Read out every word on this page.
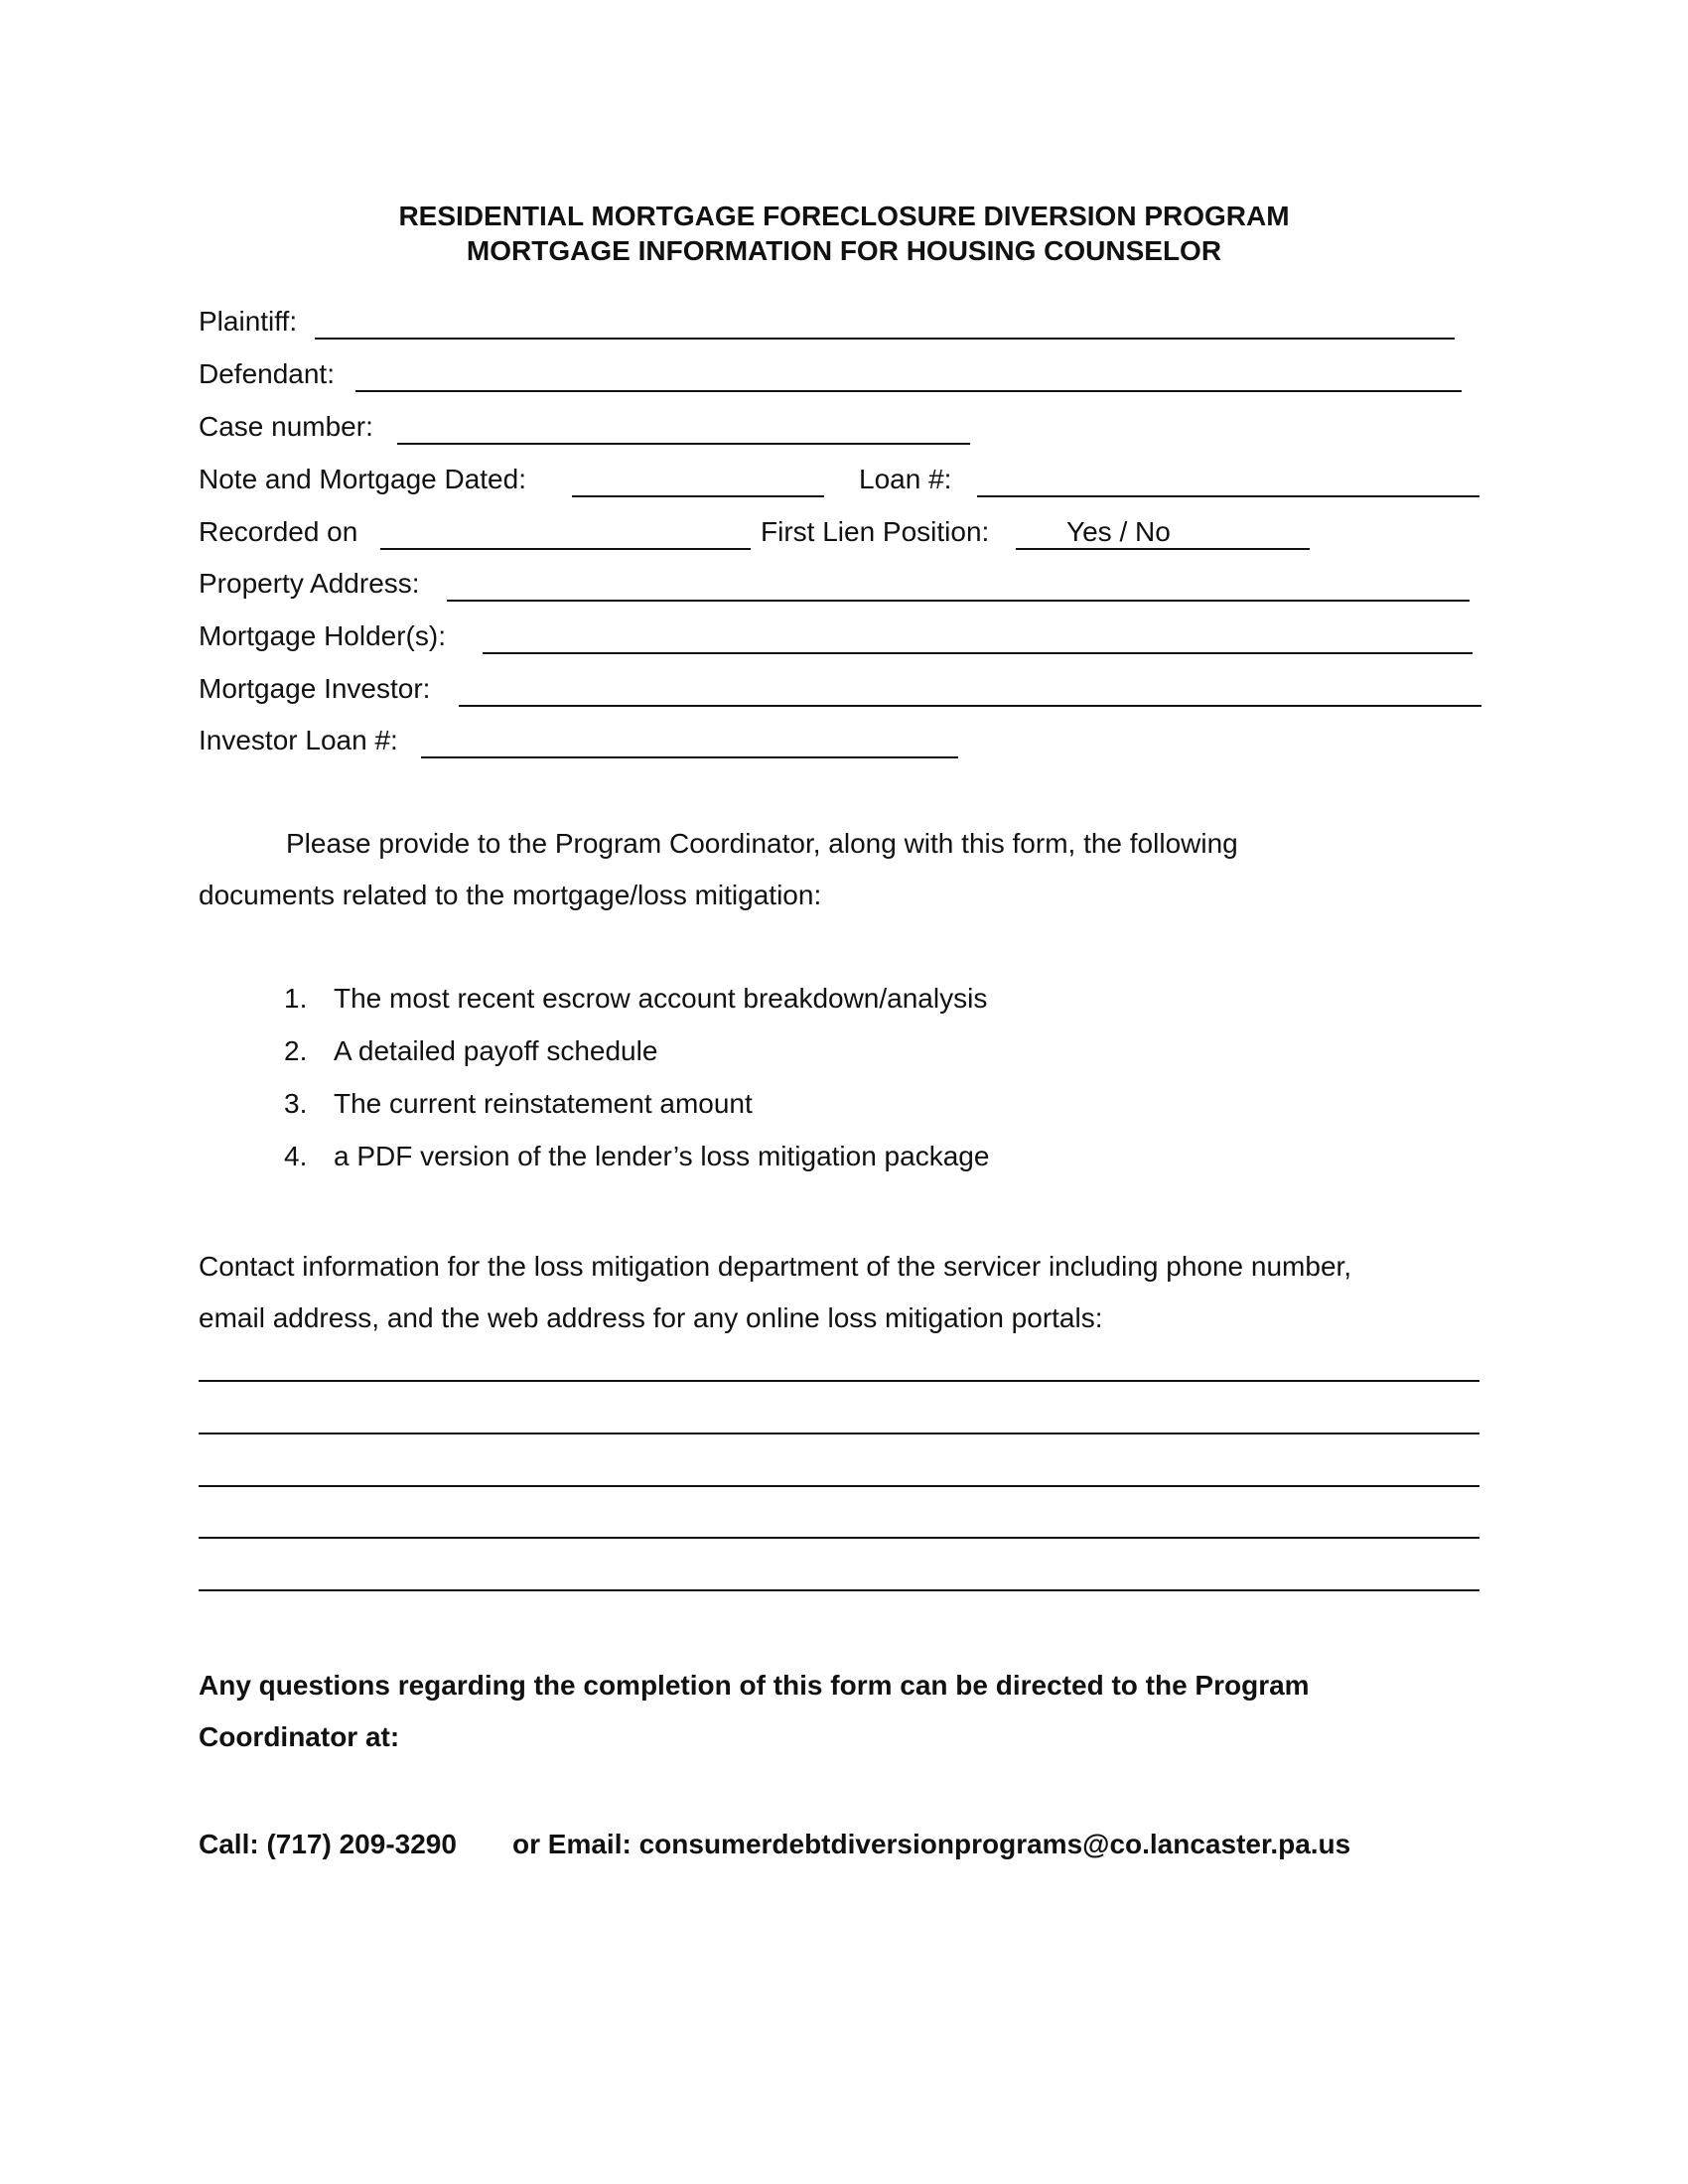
RESIDENTIAL MORTGAGE FORECLOSURE DIVERSION PROGRAM
MORTGAGE INFORMATION FOR HOUSING COUNSELOR
Plaintiff:
Defendant:
Case number:
Note and Mortgage Dated:	Loan #:
Recorded on	First Lien Position:	Yes / No
Property Address:
Mortgage Holder(s):
Mortgage Investor:
Investor Loan #:
Please provide to the Program Coordinator, along with this form, the following
documents related to the mortgage/loss mitigation:
1. The most recent escrow account breakdown/analysis
2. A detailed payoff schedule
3. The current reinstatement amount
4. a PDF version of the lender’s loss mitigation package
Contact information for the loss mitigation department of the servicer including phone number,
email address, and the web address for any online loss mitigation portals:
Any questions regarding the completion of this form can be directed to the Program
Coordinator at:
Call: (717) 209-3290 or Email: consumerdebtdiversionprograms@co.lancaster.pa.us
